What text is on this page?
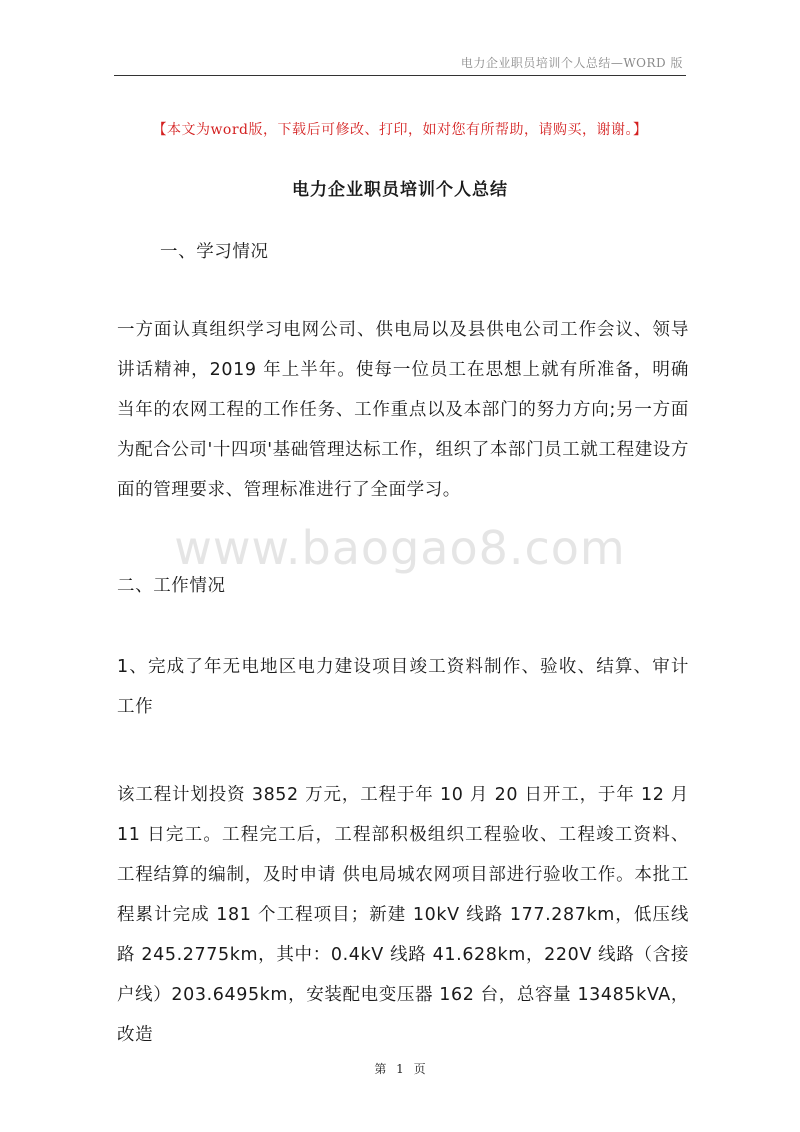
电力企业职员培训个人总结—WORD 版
【本文为word版，下载后可修改、打印，如对您有所帮助，请购买，谢谢。】
电力企业职员培训个人总结

一、学习情况

一方面认真组织学习电网公司、供电局以及县供电公司工作会议、领导讲话精神，2019 年上半年。使每一位员工在思想上就有所准备，明确当年的农网工程的工作任务、工作重点以及本部门的努力方向;另一方面为配合公司'十四项'基础管理达标工作，组织了本部门员工就工程建设方面的管理要求、管理标准进行了全面学习。

www.baogao8.com

二、工作情况

1、完成了年无电地区电力建设项目竣工资料制作、验收、结算、审计工作

该工程计划投资 3852 万元，工程于年 10 月 20 日开工，于年 12 月 11 日完工。工程完工后，工程部积极组织工程验收、工程竣工资料、工程结算的编制，及时申请 供电局城农网项目部进行验收工作。本批工程累计完成 181 个工程项目；新建 10kV 线路 177.287km，低压线路 245.2775km，其中：0.4kV 线路 41.628km，220V 线路（含接户线）203.6495km，安装配电变压器 162 台，总容量 13485kVA，改造

第 1 页
